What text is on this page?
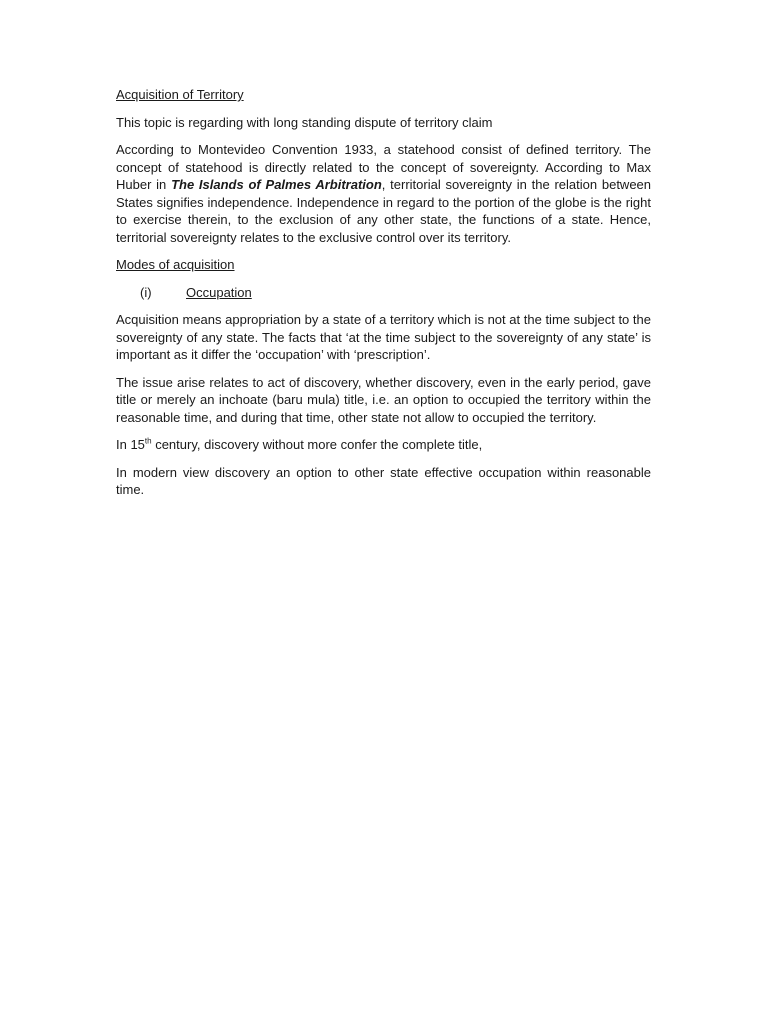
Acquisition of Territory

This topic is regarding with long standing dispute of territory claim

According to Montevideo Convention 1933, a statehood consist of defined territory. The concept of statehood is directly related to the concept of sovereignty. According to Max Huber in The Islands of Palmes Arbitration, territorial sovereignty in the relation between States signifies independence. Independence in regard to the portion of the globe is the right to exercise therein, to the exclusion of any other state, the functions of a state. Hence, territorial sovereignty relates to the exclusive control over its territory.

Modes of acquisition

(i)	Occupation

Acquisition means appropriation by a state of a territory which is not at the time subject to the sovereignty of any state. The facts that ‘at the time subject to the sovereignty of any state’ is important as it differ the ‘occupation’ with ‘prescription’.

The issue arise relates to act of discovery, whether discovery, even in the early period, gave title or merely an inchoate (baru mula) title, i.e. an option to occupied the territory within the reasonable time, and during that time, other state not allow to occupied the territory.

In 15th century, discovery without more confer the complete title,

In modern view discovery an option to other state effective occupation within reasonable time.
